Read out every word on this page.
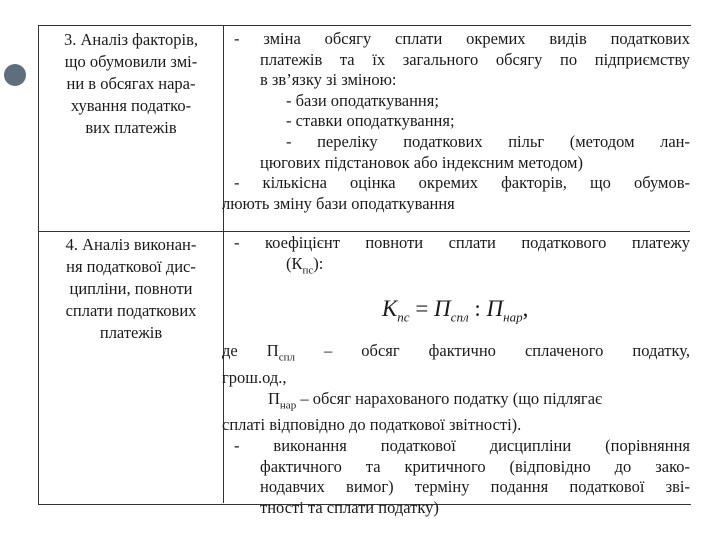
3. Аналіз факторів,
що обумовили змі-
ни в обсягах нара-
хування податко-
вих платежів
- зміна обсягу сплати окремих видів податкових
платежів та їх загального обсягу по підприємству
в зв’язку зі зміною:
- бази оподаткування;
- ставки оподаткування;
- переліку податкових пільг (методом лан-
цюгових підстановок або індексним методом)
- кількісна оцінка окремих факторів, що обумов-
люють зміну бази оподаткування
4. Аналіз виконан-
ня податкової дис-
ципліни, повноти
сплати податкових
платежів
- коефіцієнт повноти сплати податкового платежу
$(К_{пс})$:
$К_{пс} = П_{спл}$ : $П_{нар}$,
де $П_{спл}$ – обсяг фактично сплаченого податку,
грош.од.,
$П_{нар}$ – обсяг нарахованого податку (що підлягає
сплаті відповідно до податкової звітності).
- виконання податкової дисципліни (порівняння
фактичного та критичного (відповідно до зако-
нодавчих вимог) терміну подання податкової зві-
тності та сплати податку)
